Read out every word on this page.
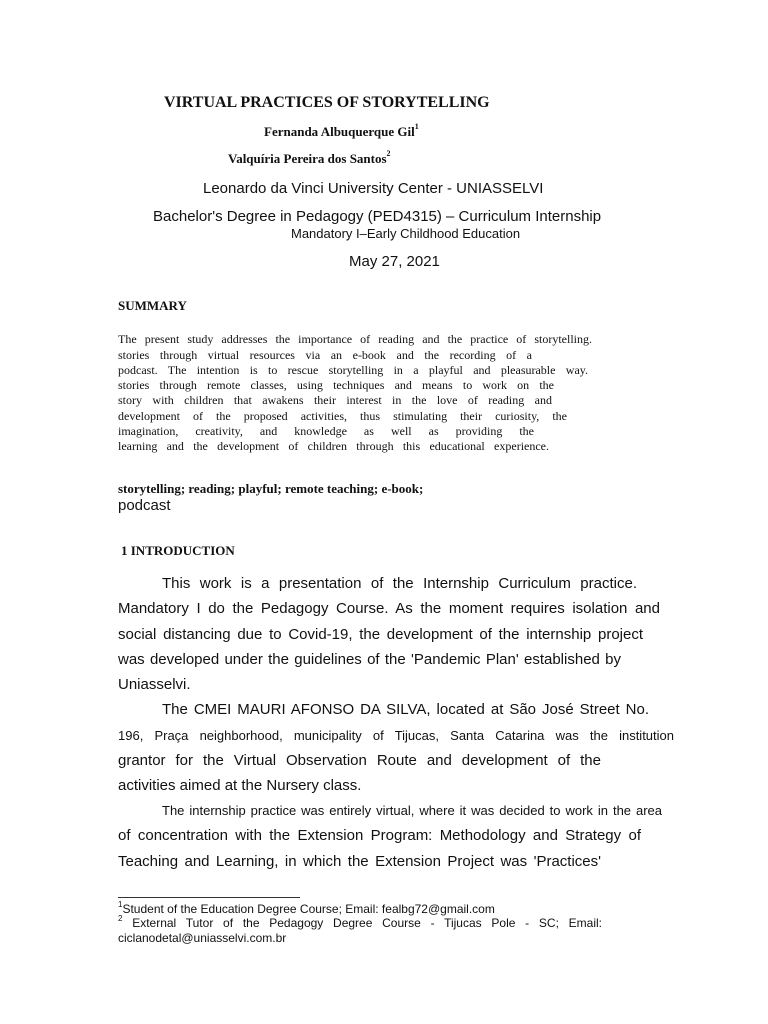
VIRTUAL PRACTICES OF STORYTELLING
Fernanda Albuquerque Gil$^1$
Valquíria Pereira dos Santos$^2$
Leonardo da Vinci University Center - UNIASSELVI
Bachelor's Degree in Pedagogy (PED4315) – Curriculum Internship
Mandatory I–Early Childhood Education
May 27, 2021
SUMMARY
The present study addresses the importance of reading and the practice of storytelling.
stories through virtual resources via an e-book and the recording of a
podcast. The intention is to rescue storytelling in a playful and pleasurable way.
stories through remote classes, using techniques and means to work on the
story with children that awakens their interest in the love of reading and
development of the proposed activities, thus stimulating their curiosity, the
imagination, creativity, and knowledge as well as providing the
learning and the development of children through this educational experience.
storytelling; reading; playful; remote teaching; e-book;
podcast
1 INTRODUCTION
This work is a presentation of the Internship Curriculum practice.
Mandatory I do the Pedagogy Course. As the moment requires isolation and
social distancing due to Covid-19, the development of the internship project
was developed under the guidelines of the 'Pandemic Plan' established by
Uniasselvi.
The CMEI MAURI AFONSO DA SILVA, located at São José Street No.
196, Praça neighborhood, municipality of Tijucas, Santa Catarina was the institution
grantor for the Virtual Observation Route and development of the
activities aimed at the Nursery class.
The internship practice was entirely virtual, where it was decided to work in the area
of concentration with the Extension Program: Methodology and Strategy of
Teaching and Learning, in which the Extension Project was 'Practices'
$^1$Student of the Education Degree Course; Email: fealbg72@gmail.com
$^2$ External Tutor of the Pedagogy Degree Course - Tijucas Pole - SC; Email:
ciclanodetal@uniasselvi.com.br
